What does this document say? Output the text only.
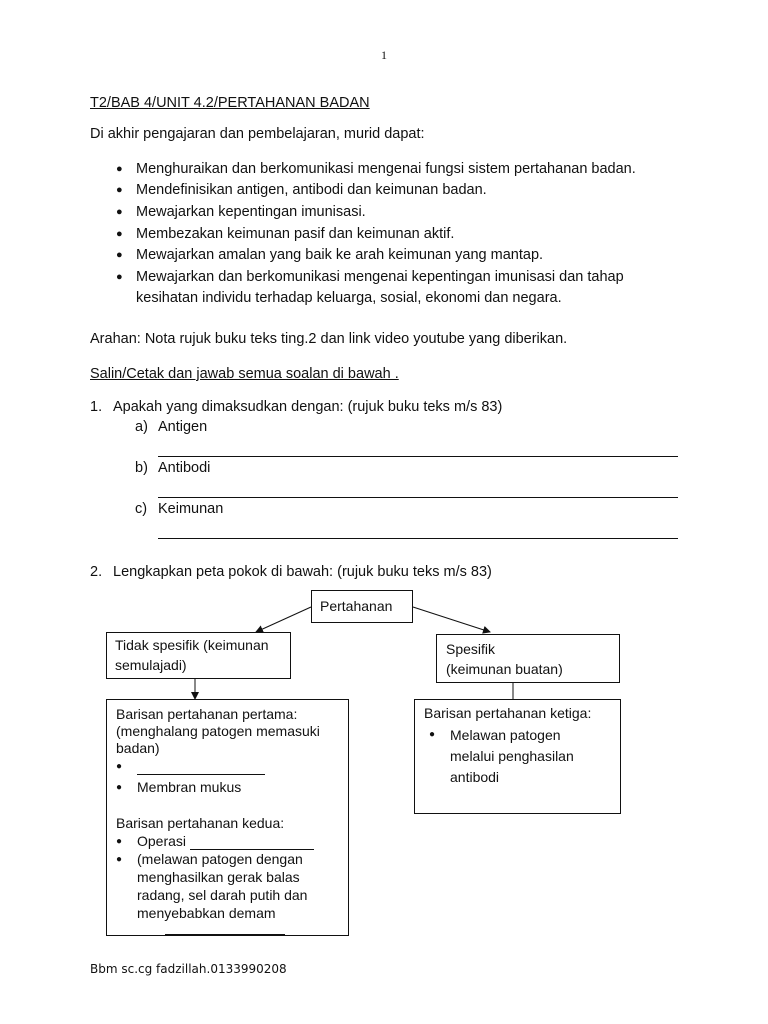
1
T2/BAB 4/UNIT 4.2/PERTAHANAN BADAN
Di akhir pengajaran dan pembelajaran, murid dapat:
● Menghuraikan dan berkomunikasi mengenai fungsi sistem pertahanan badan.
● Mendefinisikan antigen, antibodi dan keimunan badan.
● Mewajarkan kepentingan imunisasi.
● Membezakan keimunan pasif dan keimunan aktif.
● Mewajarkan amalan yang baik ke arah keimunan yang mantap.
● Mewajarkan dan berkomunikasi mengenai kepentingan imunisasi dan tahap
kesihatan individu terhadap keluarga, sosial, ekonomi dan negara.
Arahan: Nota rujuk buku teks ting.2 dan link video youtube yang diberikan.
Salin/Cetak dan jawab semua soalan di bawah .
1. Apakah yang dimaksudkan dengan: (rujuk buku teks m/s 83)
a) Antigen
b) Antibodi
c) Keimunan
2. Lengkapkan peta pokok di bawah: (rujuk buku teks m/s 83)
Pertahanan
Tidak spesifik (keimunan
semulajadi)
Spesifik
(keimunan buatan)
Barisan pertahanan pertama:
(menghalang patogen memasuki
badan)
●
● Membran mukus
Barisan pertahanan kedua:
● Operasi
● (melawan patogen dengan
menghasilkan gerak balas
radang, sel darah putih dan
menyebabkan demam
Barisan pertahanan ketiga:
● Melawan patogen
melalui penghasilan
antibodi
Bbm sc.cg fadzillah.0133990208
